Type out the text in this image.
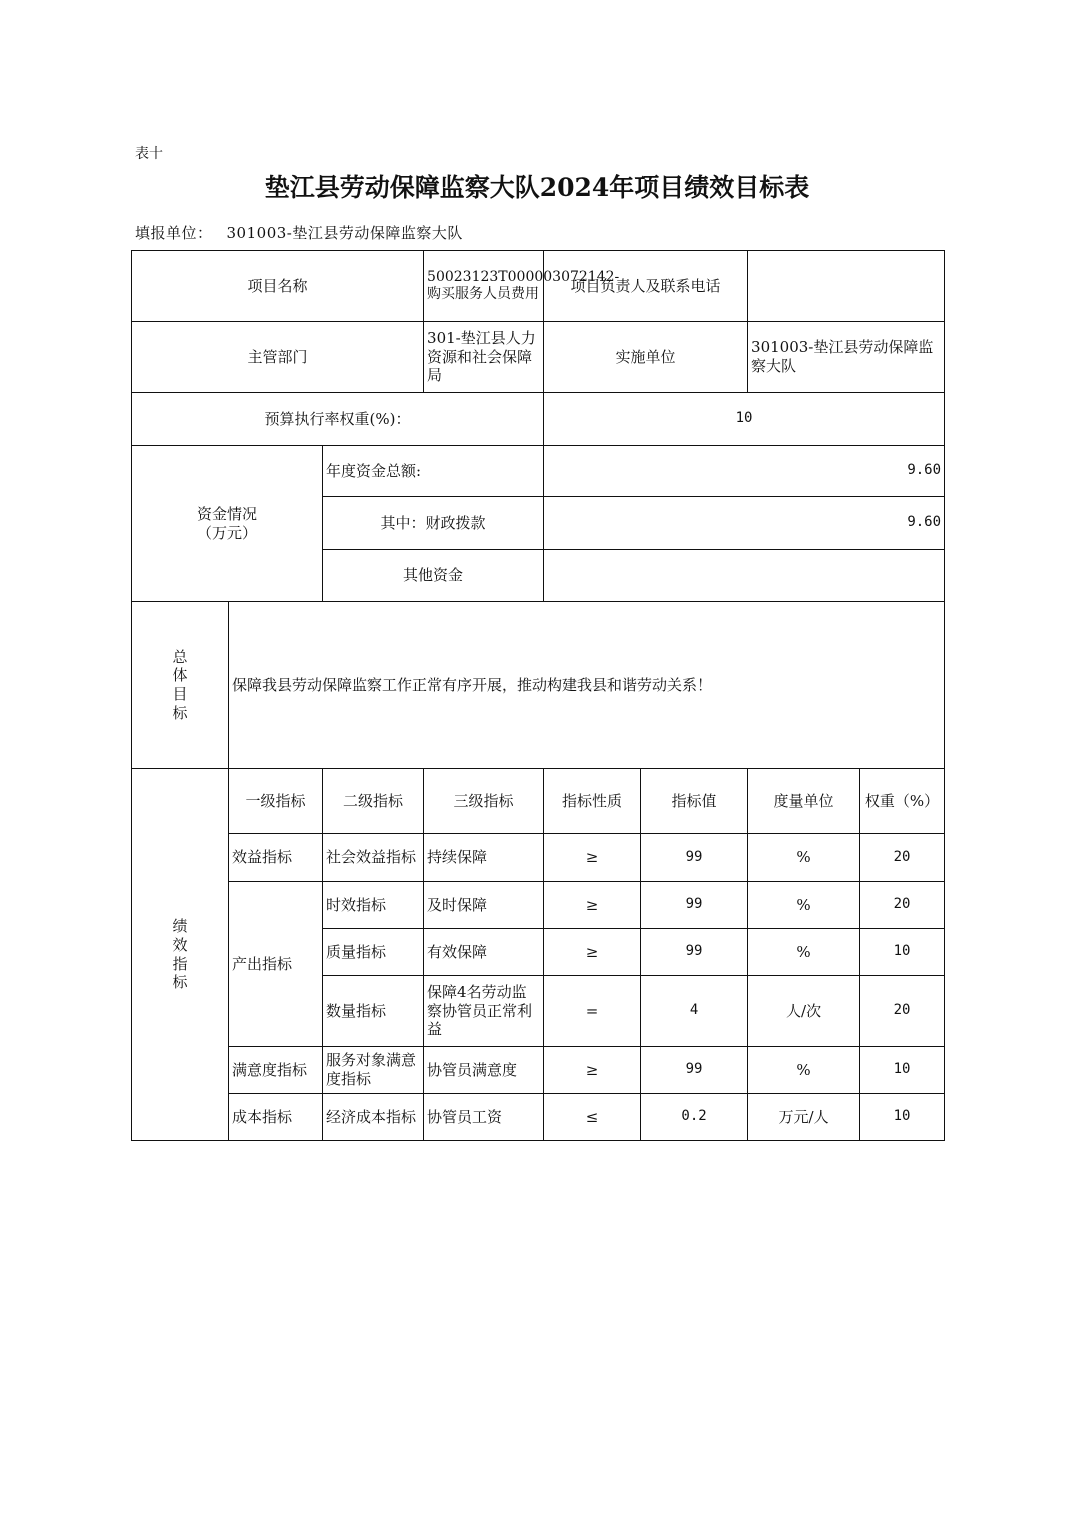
表十
垫江县劳动保障监察大队2024年项目绩效目标表
填报单位： 301003-垫江县劳动保障监察大队
项目名称			50023123T000003072142-购买服务人员费用	项目负责人及联系电话			
主管部门			301-垫江县人力资源和社会保障局	实施单位		301003-垫江县劳动保障监察大队	
预算执行率权重(%)：				10			

资金情况
（万元）		年度资金总额:		9.60			
		其中：财政拨款		9.60			
		其他资金					

总
体
目
标	保障我县劳动保障监察工作正常有序开展，推动构建我县和谐劳动关系！						

绩
效
指
标	一级指标	二级指标	三级指标	指标性质	指标值	度量单位	权重（%）
	效益指标	社会效益指标	持续保障	≥	99	%	20
	产出指标	时效指标	及时保障	≥	99	%	20
		质量指标	有效保障	≥	99	%	10
		数量指标	保障4名劳动监察协管员正常利益	=	4	人/次	20
	满意度指标	服务对象满意度指标	协管员满意度	≥	99	%	10
	成本指标	经济成本指标	协管员工资	≤	0.2	万元/人	10
